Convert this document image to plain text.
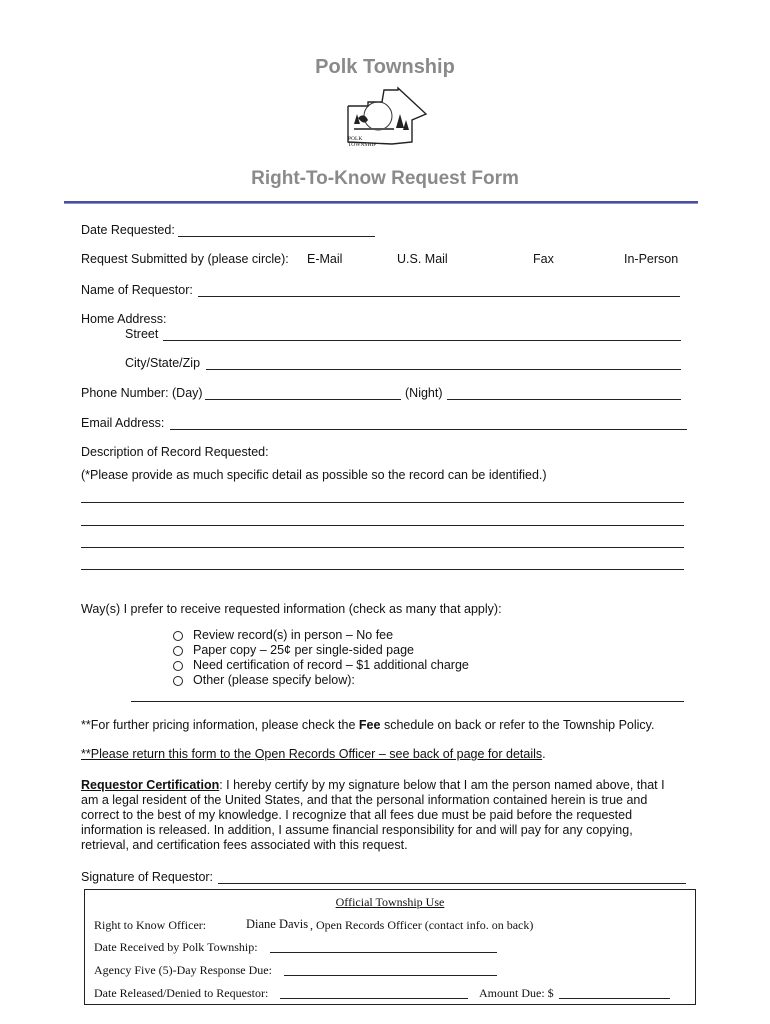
Polk Township
POLK
TOWNSHIP
Right-To-Know Request Form
Date Requested:
Request Submitted by (please circle): E-Mail	U.S. Mail	Fax	In-Person
Name of Requestor:
Home Address:
Street
City/State/Zip
Phone Number: (Day)	(Night)
Email Address:
Description of Record Requested:
(*Please provide as much specific detail as possible so the record can be identified.)
Way(s) I prefer to receive requested information (check as many that apply):
Review record(s) in person – No fee
Paper copy – 25¢ per single-sided page
Need certification of record – $1 additional charge
Other (please specify below):
**For further pricing information, please check the Fee schedule on back or refer to the Township Policy.
**Please return this form to the Open Records Officer – see back of page for details.
Requestor Certification: I hereby certify by my signature below that I am the person named above, that I am a legal resident of the United States, and that the personal information contained herein is true and correct to the best of my knowledge. I recognize that all fees due must be paid before the requested information is released. In addition, I assume financial responsibility for and will pay for any copying, retrieval, and certification fees associated with this request.
Signature of Requestor:
Official Township Use
Right to Know Officer:	Diane Davis , Open Records Officer (contact info. on back)
Date Received by Polk Township:
Agency Five (5)-Day Response Due:
Date Released/Denied to Requestor:	Amount Due: $
